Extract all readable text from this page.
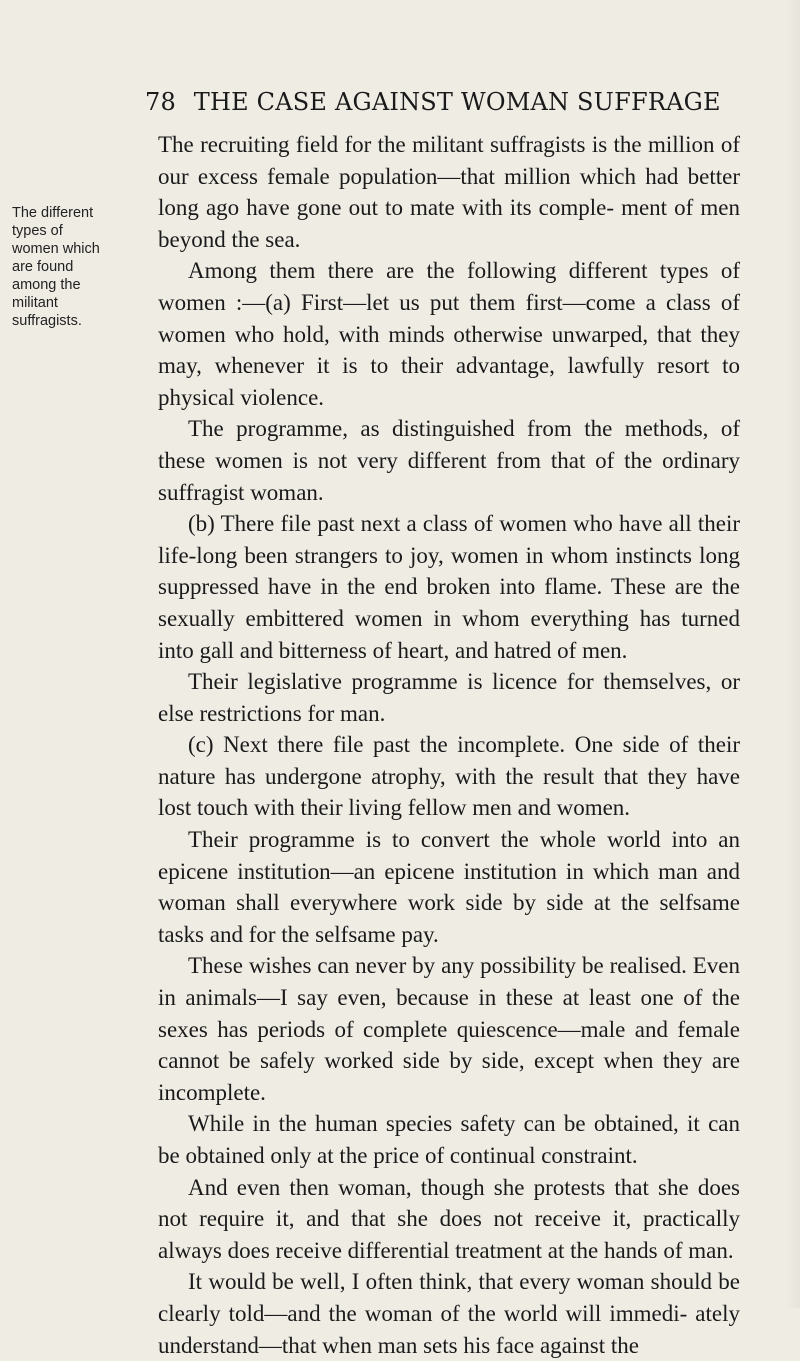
78 THE CASE AGAINST WOMAN SUFFRAGE
The different
types of
women which
are found
among the
militant
suffragists.

The recruiting field for the militant suffragists is the million of our excess female population—that million which had better long ago have gone out to mate with its comple- ment of men beyond the sea.

Among them there are the following different types of women :—(a) First—let us put them first—come a class of women who hold, with minds otherwise unwarped, that they may, whenever it is to their advantage, lawfully resort to physical violence.

The programme, as distinguished from the methods, of these women is not very different from that of the ordinary suffragist woman.

(b) There file past next a class of women who have all their life-long been strangers to joy, women in whom instincts long suppressed have in the end broken into flame. These are the sexually embittered women in whom everything has turned into gall and bitterness of heart, and hatred of men.

Their legislative programme is licence for themselves, or else restrictions for man.

(c) Next there file past the incomplete. One side of their nature has undergone atrophy, with the result that they have lost touch with their living fellow men and women.

Their programme is to convert the whole world into an epicene institution—an epicene institution in which man and woman shall everywhere work side by side at the selfsame tasks and for the selfsame pay.

These wishes can never by any possibility be realised. Even in animals—I say even, because in these at least one of the sexes has periods of complete quiescence—male and female cannot be safely worked side by side, except when they are incomplete.

While in the human species safety can be obtained, it can be obtained only at the price of continual constraint.

And even then woman, though she protests that she does not require it, and that she does not receive it, practically always does receive differential treatment at the hands of man.

It would be well, I often think, that every woman should be clearly told—and the woman of the world will immedi- ately understand—that when man sets his face against the
